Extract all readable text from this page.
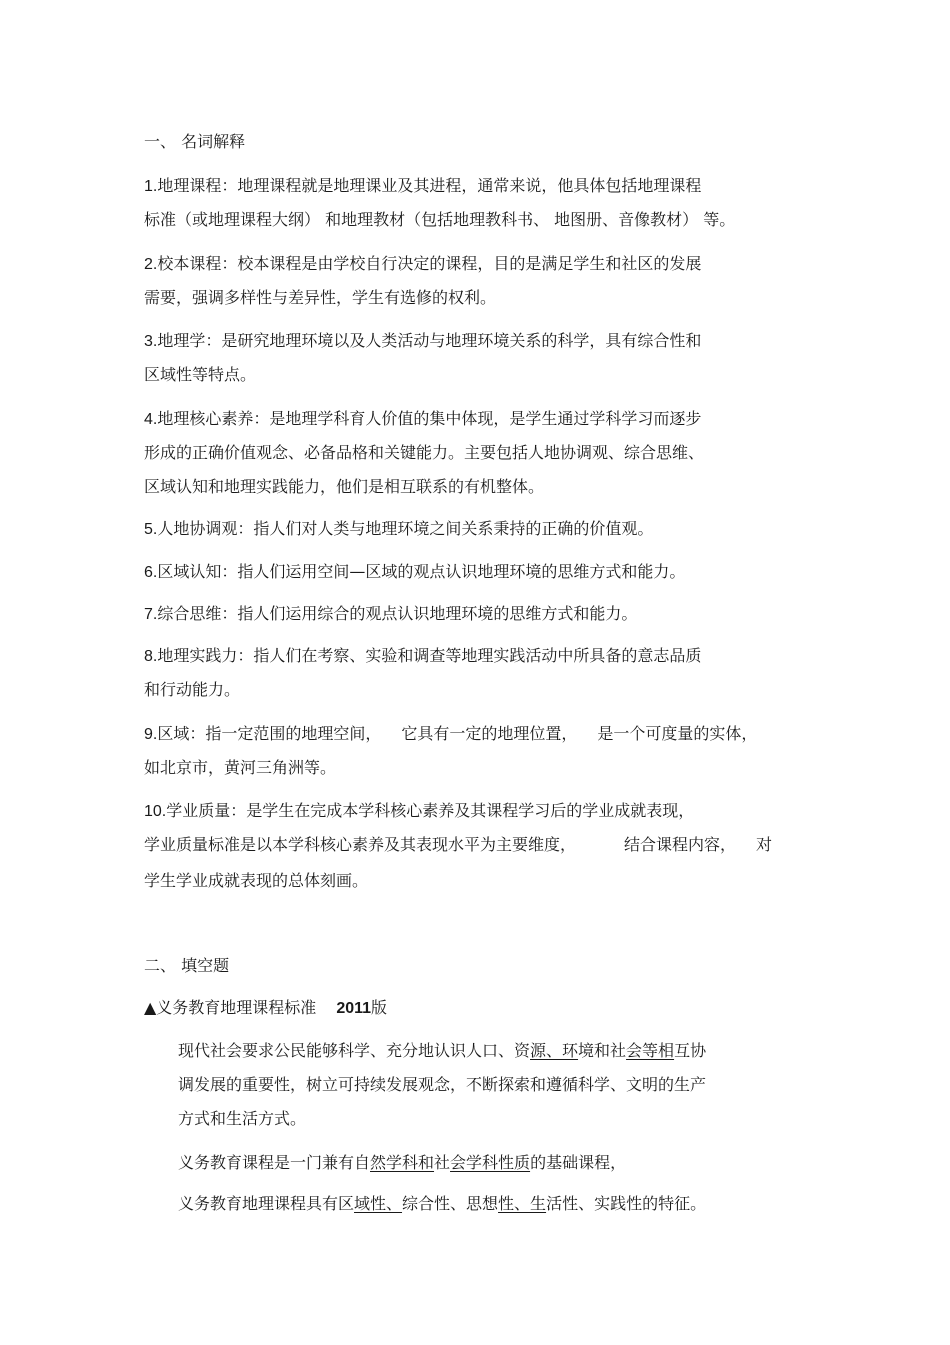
一、 名词解释
1.地理课程：地理课程就是地理课业及其进程，通常来说，他具体包括地理课程
标准（或地理课程大纲） 和地理教材（包括地理教科书、 地图册、音像教材） 等。
2.校本课程：校本课程是由学校自行决定的课程，目的是满足学生和社区的发展
需要，强调多样性与差异性，学生有选修的权利。
3.地理学：是研究地理环境以及人类活动与地理环境关系的科学，具有综合性和
区域性等特点。
4.地理核心素养：是地理学科育人价值的集中体现，是学生通过学科学习而逐步
形成的正确价值观念、必备品格和关键能力。主要包括人地协调观、综合思维、
区域认知和地理实践能力，他们是相互联系的有机整体。
5.人地协调观：指人们对人类与地理环境之间关系秉持的正确的价值观。
6.区域认知：指人们运用空间—区域的观点认识地理环境的思维方式和能力。
7.综合思维：指人们运用综合的观点认识地理环境的思维方式和能力。
8.地理实践力：指人们在考察、实验和调查等地理实践活动中所具备的意志品质
和行动能力。
9.区域：指一定范围的地理空间， 它具有一定的地理位置， 是一个可度量的实体，
如北京市，黄河三角洲等。
10.学业质量：是学生在完成本学科核心素养及其课程学习后的学业成就表现，
学业质量标准是以本学科核心素养及其表现水平为主要维度，	结合课程内容， 对
学生学业成就表现的总体刻画。
二、 填空题
▲义务教育地理课程标准 2011版
现代社会要求公民能够科学、充分地认识人口、资源、环境和社会等相互协
调发展的重要性，树立可持续发展观念，不断探索和遵循科学、文明的生产
方式和生活方式。
义务教育课程是一门兼有自然学科和社会学科性质的基础课程，
义务教育地理课程具有区域性、综合性、思想性、生活性、实践性的特征。
